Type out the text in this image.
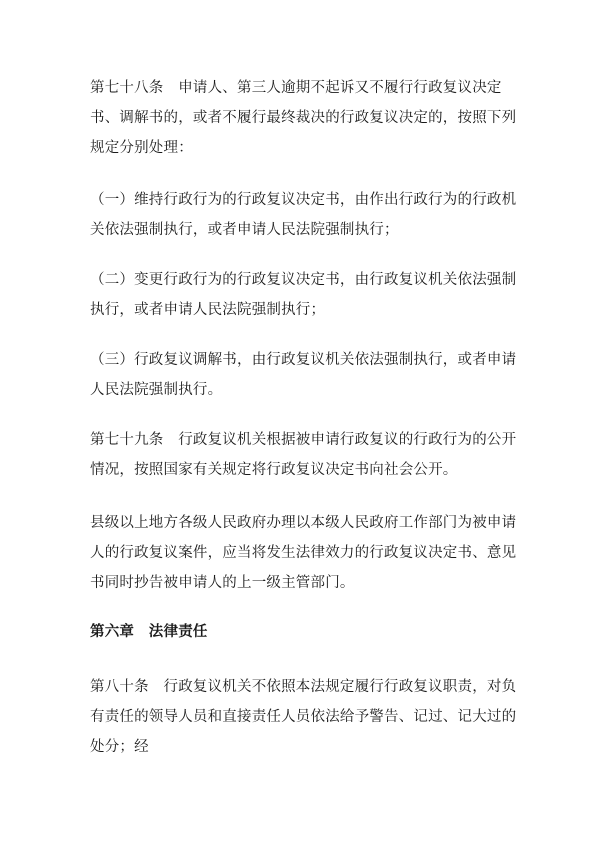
第七十八条　申请人、第三人逾期不起诉又不履行行政复议决定书、调解书的，或者不履行最终裁决的行政复议决定的，按照下列规定分别处理：

（一）维持行政行为的行政复议决定书，由作出行政行为的行政机关依法强制执行，或者申请人民法院强制执行；

（二）变更行政行为的行政复议决定书，由行政复议机关依法强制执行，或者申请人民法院强制执行；

（三）行政复议调解书，由行政复议机关依法强制执行，或者申请人民法院强制执行。

第七十九条　行政复议机关根据被申请行政复议的行政行为的公开情况，按照国家有关规定将行政复议决定书向社会公开。

县级以上地方各级人民政府办理以本级人民政府工作部门为被申请人的行政复议案件，应当将发生法律效力的行政复议决定书、意见书同时抄告被申请人的上一级主管部门。

第六章　法律责任

第八十条　行政复议机关不依照本法规定履行行政复议职责，对负有责任的领导人员和直接责任人员依法给予警告、记过、记大过的处分；经
